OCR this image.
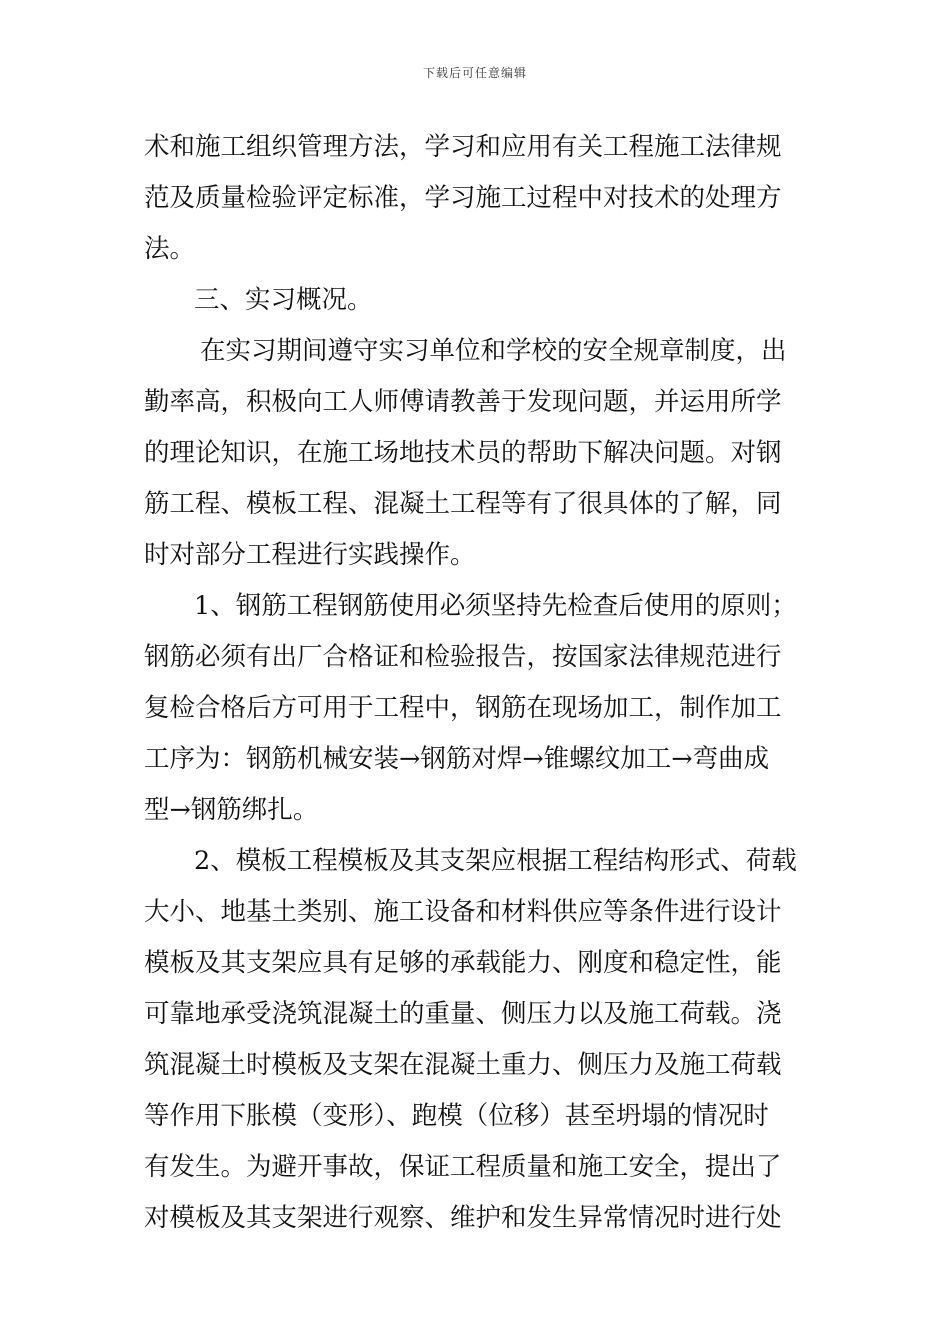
下载后可任意编辑
术和施工组织管理方法，学习和应用有关工程施工法律规
范及质量检验评定标准，学习施工过程中对技术的处理方
法。
三、实习概况。
在实习期间遵守实习单位和学校的安全规章制度，出
勤率高，积极向工人师傅请教善于发现问题，并运用所学
的理论知识，在施工场地技术员的帮助下解决问题。对钢
筋工程、模板工程、混凝土工程等有了很具体的了解，同
时对部分工程进行实践操作。
1、钢筋工程钢筋使用必须坚持先检查后使用的原则；
钢筋必须有出厂合格证和检验报告，按国家法律规范进行
复检合格后方可用于工程中，钢筋在现场加工，制作加工
工序为：钢筋机械安装→钢筋对焊→锥螺纹加工→弯曲成
型→钢筋绑扎。
2、模板工程模板及其支架应根据工程结构形式、荷载
大小、地基土类别、施工设备和材料供应等条件进行设计
模板及其支架应具有足够的承载能力、刚度和稳定性，能
可靠地承受浇筑混凝土的重量、侧压力以及施工荷载。浇
筑混凝土时模板及支架在混凝土重力、侧压力及施工荷载
等作用下胀模（变形）、跑模（位移）甚至坍塌的情况时
有发生。为避开事故，保证工程质量和施工安全，提出了
对模板及其支架进行观察、维护和发生异常情况时进行处
